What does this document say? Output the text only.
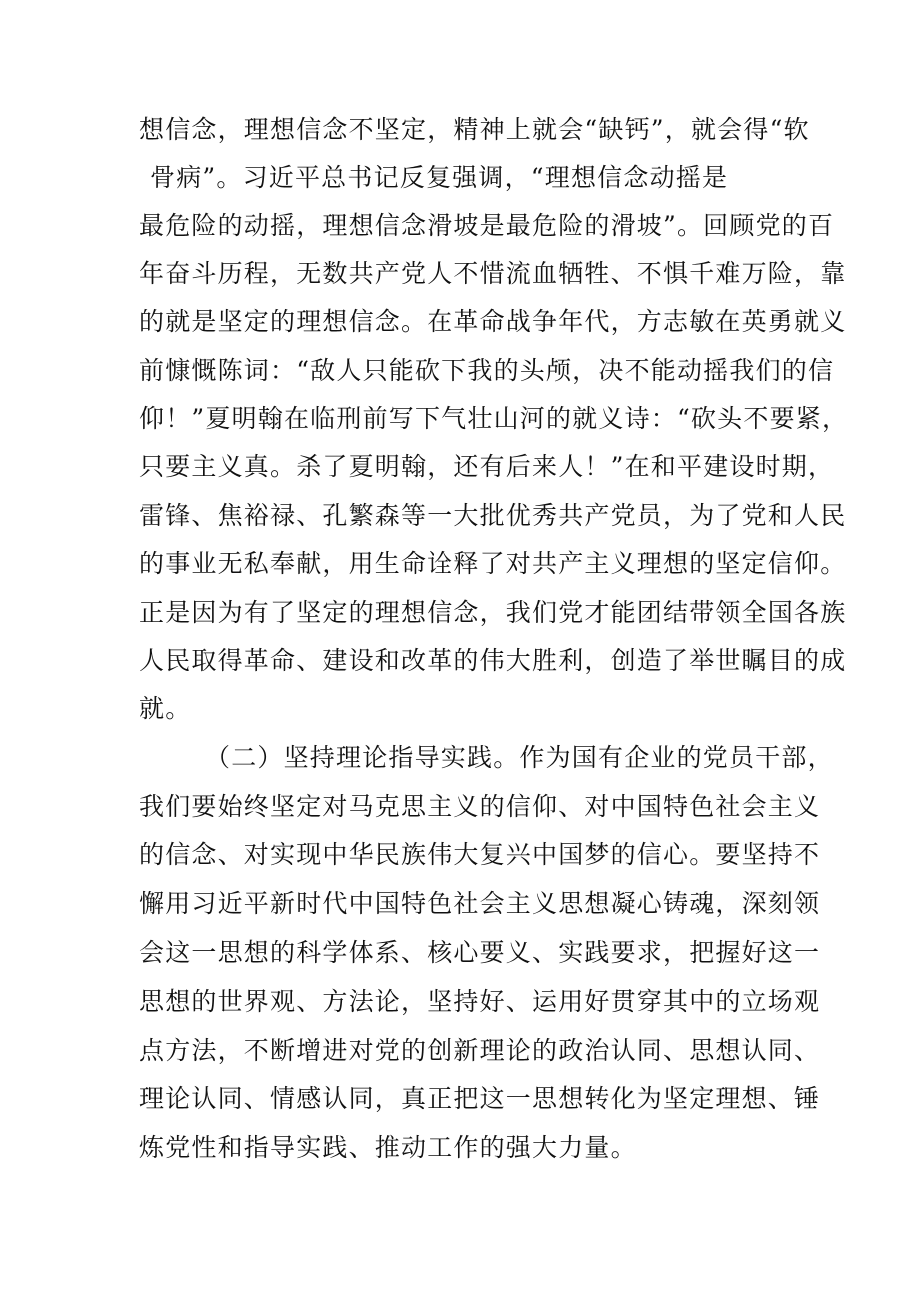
想信念，理想信念不坚定，精神上就会“缺钙”，就会得“软
骨病”。习近平总书记反复强调，“理想信念动摇是
最危险的动摇，理想信念滑坡是最危险的滑坡”。回顾党的百
年奋斗历程，无数共产党人不惜流血牺牲、不惧千难万险，靠
的就是坚定的理想信念。在革命战争年代，方志敏在英勇就义
前慷慨陈词：“敌人只能砍下我的头颅，决不能动摇我们的信
仰！”夏明翰在临刑前写下气壮山河的就义诗：“砍头不要紧，
只要主义真。杀了夏明翰，还有后来人！”在和平建设时期，
雷锋、焦裕禄、孔繁森等一大批优秀共产党员，为了党和人民
的事业无私奉献，用生命诠释了对共产主义理想的坚定信仰。
正是因为有了坚定的理想信念，我们党才能团结带领全国各族
人民取得革命、建设和改革的伟大胜利，创造了举世瞩目的成
就。
（二）坚持理论指导实践。作为国有企业的党员干部，
我们要始终坚定对马克思主义的信仰、对中国特色社会主义
的信念、对实现中华民族伟大复兴中国梦的信心。要坚持不
懈用习近平新时代中国特色社会主义思想凝心铸魂，深刻领
会这一思想的科学体系、核心要义、实践要求，把握好这一
思想的世界观、方法论，坚持好、运用好贯穿其中的立场观
点方法，不断增进对党的创新理论的政治认同、思想认同、
理论认同、情感认同，真正把这一思想转化为坚定理想、锤
炼党性和指导实践、推动工作的强大力量。
